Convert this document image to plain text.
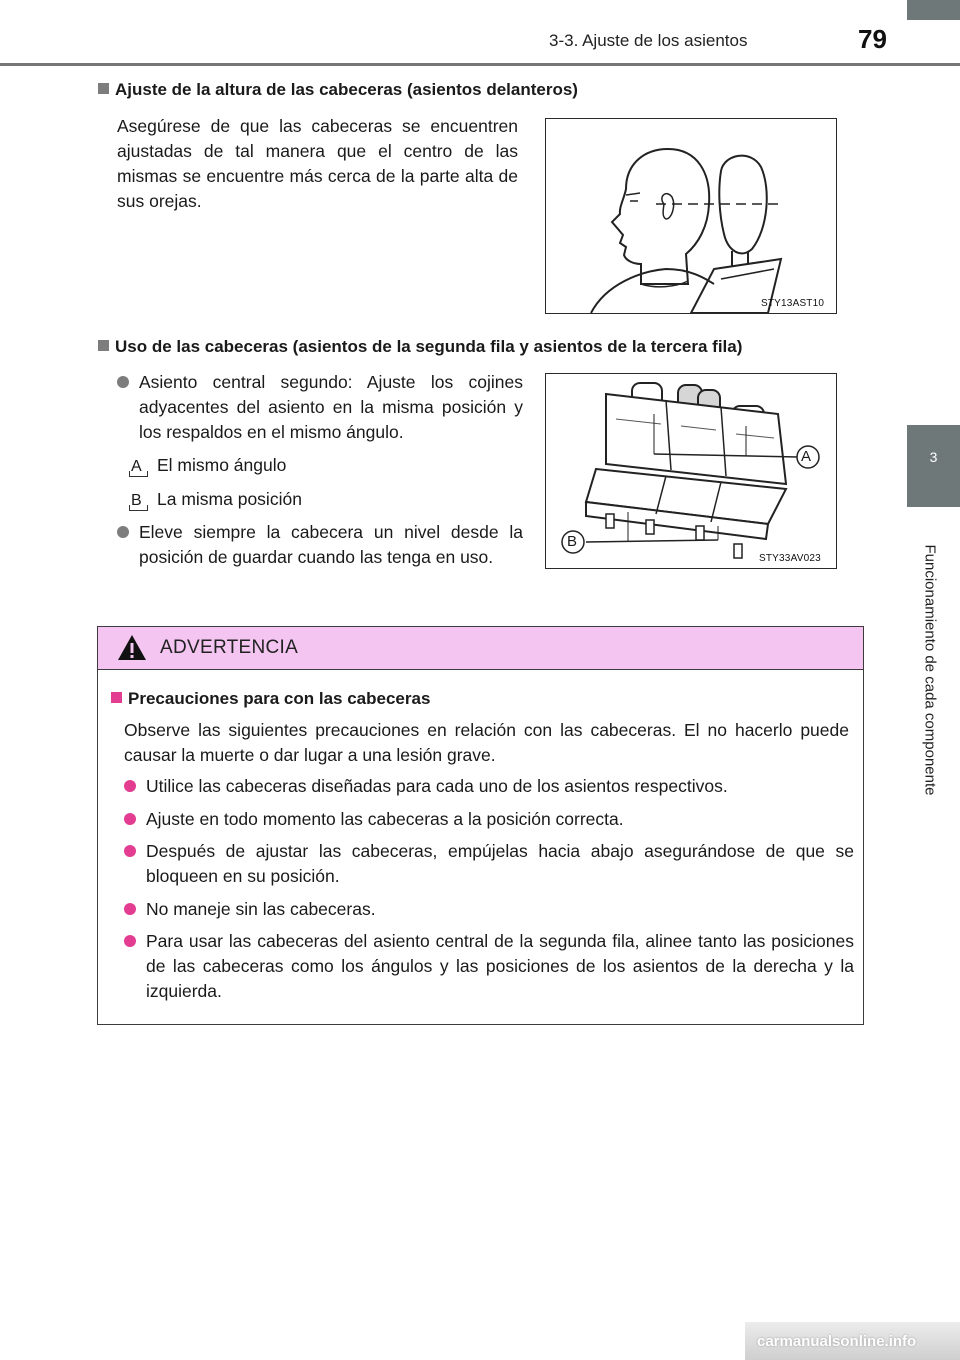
3-3. Ajuste de los asientos	79
3
Funcionamiento de cada componente
Ajuste de la altura de las cabeceras (asientos delanteros)
Asegúrese de que las cabeceras se encuentren ajustadas de tal manera que el centro de las mismas se encuentre más cerca de la parte alta de sus orejas.
STY13AST10
Uso de las cabeceras (asientos de la segunda fila y asientos de la tercera fila)
Asiento central segundo: Ajuste los cojines adyacentes del asiento en la misma posición y los respaldos en el mismo ángulo.
A El mismo ángulo
B La misma posición
Eleve siempre la cabecera un nivel desde la posición de guardar cuando las tenga en uso.
A
B
STY33AV023
ADVERTENCIA
Precauciones para con las cabeceras
Observe las siguientes precauciones en relación con las cabeceras. El no hacerlo puede causar la muerte o dar lugar a una lesión grave.
Utilice las cabeceras diseñadas para cada uno de los asientos respectivos.
Ajuste en todo momento las cabeceras a la posición correcta.
Después de ajustar las cabeceras, empújelas hacia abajo asegurándose de que se bloqueen en su posición.
No maneje sin las cabeceras.
Para usar las cabeceras del asiento central de la segunda fila, alinee tanto las posiciones de las cabeceras como los ángulos y las posiciones de los asientos de la derecha y la izquierda.
carmanualsonline.info
